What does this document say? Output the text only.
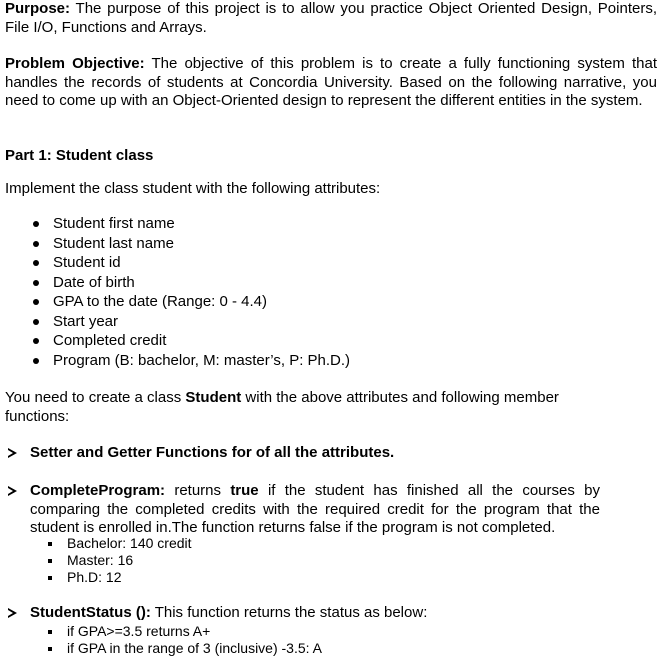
Purpose: The purpose of this project is to allow you practice Object Oriented Design, Pointers, File I/O, Functions and Arrays.
Problem Objective: The objective of this problem is to create a fully functioning system that handles the records of students at Concordia University. Based on the following narrative, you need to come up with an Object-Oriented design to represent the different entities in the system.
Part 1: Student class
Implement the class student with the following attributes:
Student first name
Student last name
Student id
Date of birth
GPA to the date (Range: 0 - 4.4)
Start year
Completed credit
Program (B: bachelor, M: master’s, P: Ph.D.)
You need to create a class Student with the above attributes and following member functions:
Setter and Getter Functions for of all the attributes.
CompleteProgram: returns true if the student has finished all the courses by comparing the completed credits with the required credit for the program that the student is enrolled in.The function returns false if the program is not completed.
Bachelor: 140 credit
Master: 16
Ph.D: 12
StudentStatus (): This function returns the status as below:
if GPA>=3.5 returns A+
if GPA in the range of 3 (inclusive) -3.5: A
